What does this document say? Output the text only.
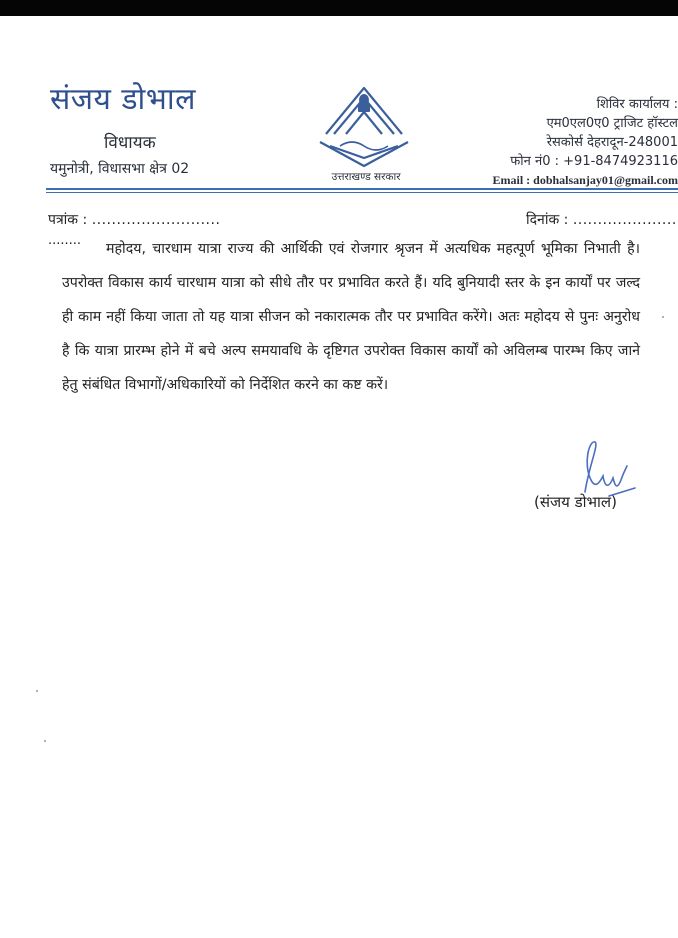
संजय डोभाल
विधायक
यमुनोत्री, विधासभा क्षेत्र 02	उत्तराखण्ड सरकार
शिविर कार्यालय :
एम0एल0ए0 ट्राजिट हॉस्टल
रेसकोर्स देहरादून-248001
फोन नं0 : +91-8474923116
Email : dobhalsanjay01@gmail.com
पत्रांक : ..........................	दिनांक : .....................
........
महोदय, चारधाम यात्रा राज्य की आर्थिकी एवं रोजगार श्रृजन में अत्यधिक महत्पूर्ण भूमिका निभाती है। उपरोक्त विकास कार्य चारधाम यात्रा को सीधे तौर पर प्रभावित करते हैं। यदि बुनियादी स्तर के इन कार्यों पर जल्द ही काम नहीं किया जाता तो यह यात्रा सीजन को नकारात्मक तौर पर प्रभावित करेंगे। अतः महोदय से पुनः अनुरोध है कि यात्रा प्रारम्भ होने में बचे अल्प समयावधि के दृष्टिगत उपरोक्त विकास कार्यों को अविलम्ब पारम्भ किए जाने हेतु संबंधित विभागों/अधिकारियों को निर्देशित करने का कष्ट करें।
(संजय डोभाल)
